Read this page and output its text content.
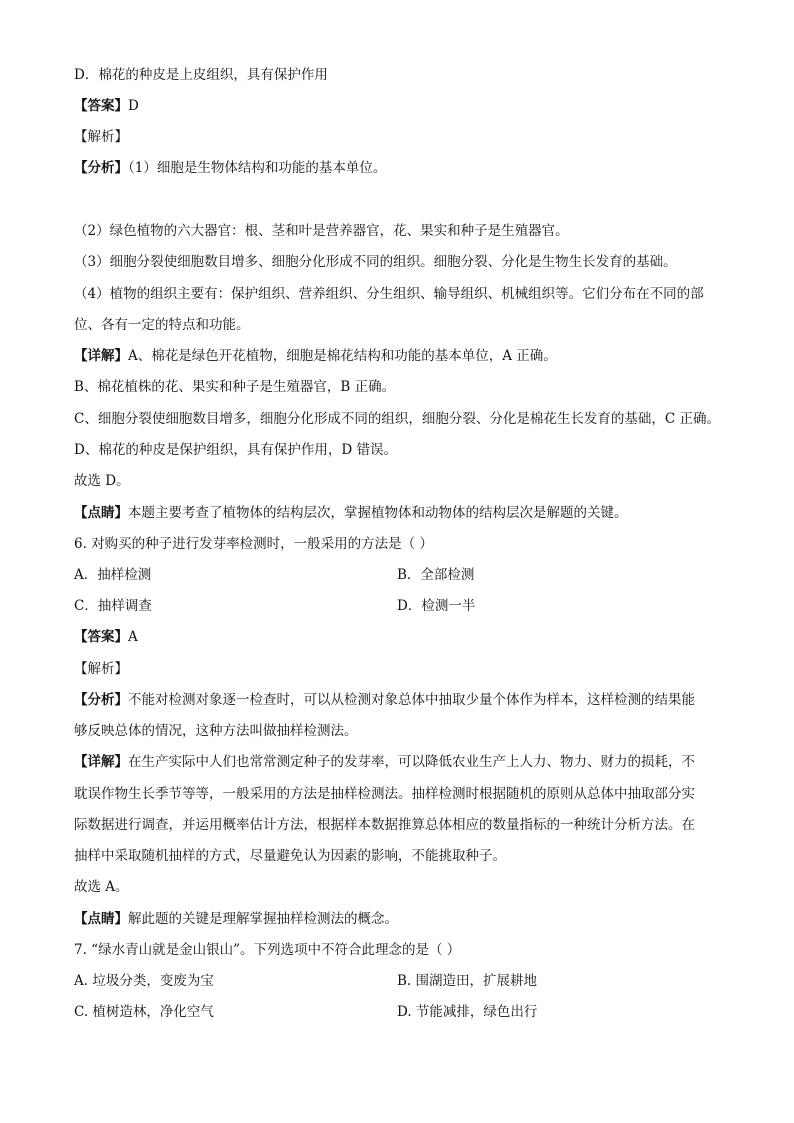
D．棉花的种皮是上皮组织，具有保护作用
【答案】D
【解析】
【分析】（1）细胞是生物体结构和功能的基本单位。
（2）绿色植物的六大器官：根、茎和叶是营养器官，花、果实和种子是生殖器官。
（3）细胞分裂使细胞数目增多、细胞分化形成不同的组织。细胞分裂、分化是生物生长发育的基础。
（4）植物的组织主要有：保护组织、营养组织、分生组织、输导组织、机械组织等。它们分布在不同的部
位、各有一定的特点和功能。
【详解】A、棉花是绿色开花植物，细胞是棉花结构和功能的基本单位，A 正确。
B、棉花植株的花、果实和种子是生殖器官，B 正确。
C、细胞分裂使细胞数目增多，细胞分化形成不同的组织，细胞分裂、分化是棉花生长发育的基础，C 正确。
D、棉花的种皮是保护组织，具有保护作用，D 错误。
故选 D。
【点睛】本题主要考查了植物体的结构层次，掌握植物体和动物体的结构层次是解题的关键。
6. 对购买的种子进行发芽率检测时，一般采用的方法是（ ）
A．抽样检测	B．全部检测
C．抽样调查	D．检测一半
【答案】A
【解析】
【分析】不能对检测对象逐一检查时，可以从检测对象总体中抽取少量个体作为样本，这样检测的结果能
够反映总体的情况，这种方法叫做抽样检测法。
【详解】在生产实际中人们也常常测定种子的发芽率，可以降低农业生产上人力、物力、财力的损耗，不
耽误作物生长季节等等，一般采用的方法是抽样检测法。抽样检测时根据随机的原则从总体中抽取部分实
际数据进行调查，并运用概率估计方法，根据样本数据推算总体相应的数量指标的一种统计分析方法。在
抽样中采取随机抽样的方式，尽量避免认为因素的影响，不能挑取种子。
故选 A。
【点睛】解此题的关键是理解掌握抽样检测法的概念。
7. “绿水青山就是金山银山”。下列选项中不符合此理念的是（ ）
A. 垃圾分类，变废为宝	B. 围湖造田，扩展耕地
C. 植树造林，净化空气	D. 节能减排，绿色出行
